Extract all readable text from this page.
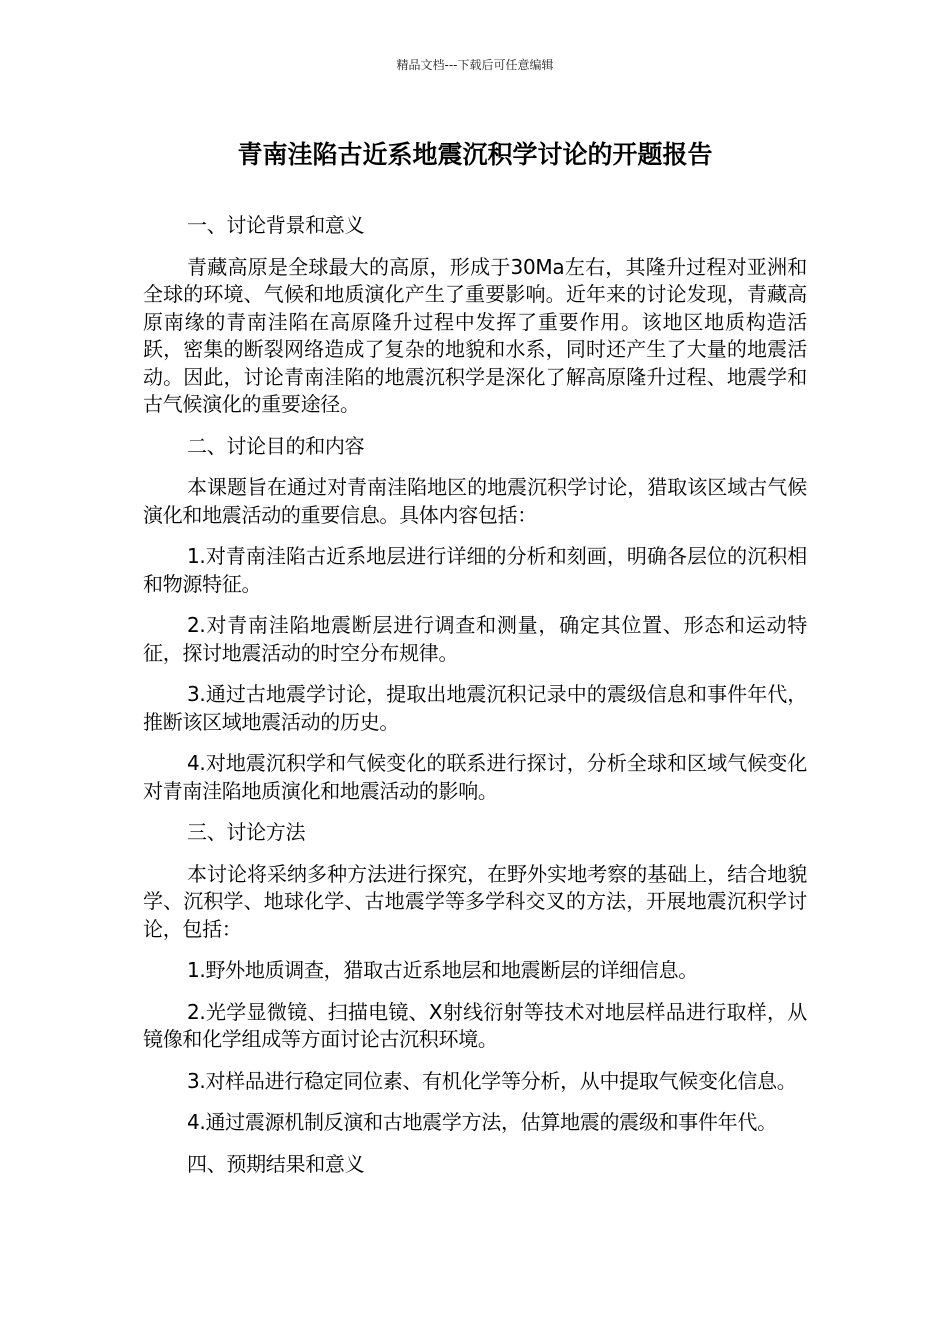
精品文档---下载后可任意编辑
青南洼陷古近系地震沉积学讨论的开题报告

一、讨论背景和意义

青藏高原是全球最大的高原，形成于30Ma左右，其隆升过程对亚洲和全球的环境、气候和地质演化产生了重要影响。近年来的讨论发现，青藏高原南缘的青南洼陷在高原隆升过程中发挥了重要作用。该地区地质构造活跃，密集的断裂网络造成了复杂的地貌和水系，同时还产生了大量的地震活动。因此，讨论青南洼陷的地震沉积学是深化了解高原隆升过程、地震学和古气候演化的重要途径。

二、讨论目的和内容

本课题旨在通过对青南洼陷地区的地震沉积学讨论，猎取该区域古气候演化和地震活动的重要信息。具体内容包括：

1.对青南洼陷古近系地层进行详细的分析和刻画，明确各层位的沉积相和物源特征。

2.对青南洼陷地震断层进行调查和测量，确定其位置、形态和运动特征，探讨地震活动的时空分布规律。

3.通过古地震学讨论，提取出地震沉积记录中的震级信息和事件年代，推断该区域地震活动的历史。

4.对地震沉积学和气候变化的联系进行探讨，分析全球和区域气候变化对青南洼陷地质演化和地震活动的影响。

三、讨论方法

本讨论将采纳多种方法进行探究，在野外实地考察的基础上，结合地貌学、沉积学、地球化学、古地震学等多学科交叉的方法，开展地震沉积学讨论，包括：

1.野外地质调查，猎取古近系地层和地震断层的详细信息。

2.光学显微镜、扫描电镜、X射线衍射等技术对地层样品进行取样，从镜像和化学组成等方面讨论古沉积环境。

3.对样品进行稳定同位素、有机化学等分析，从中提取气候变化信息。

4.通过震源机制反演和古地震学方法，估算地震的震级和事件年代。

四、预期结果和意义
